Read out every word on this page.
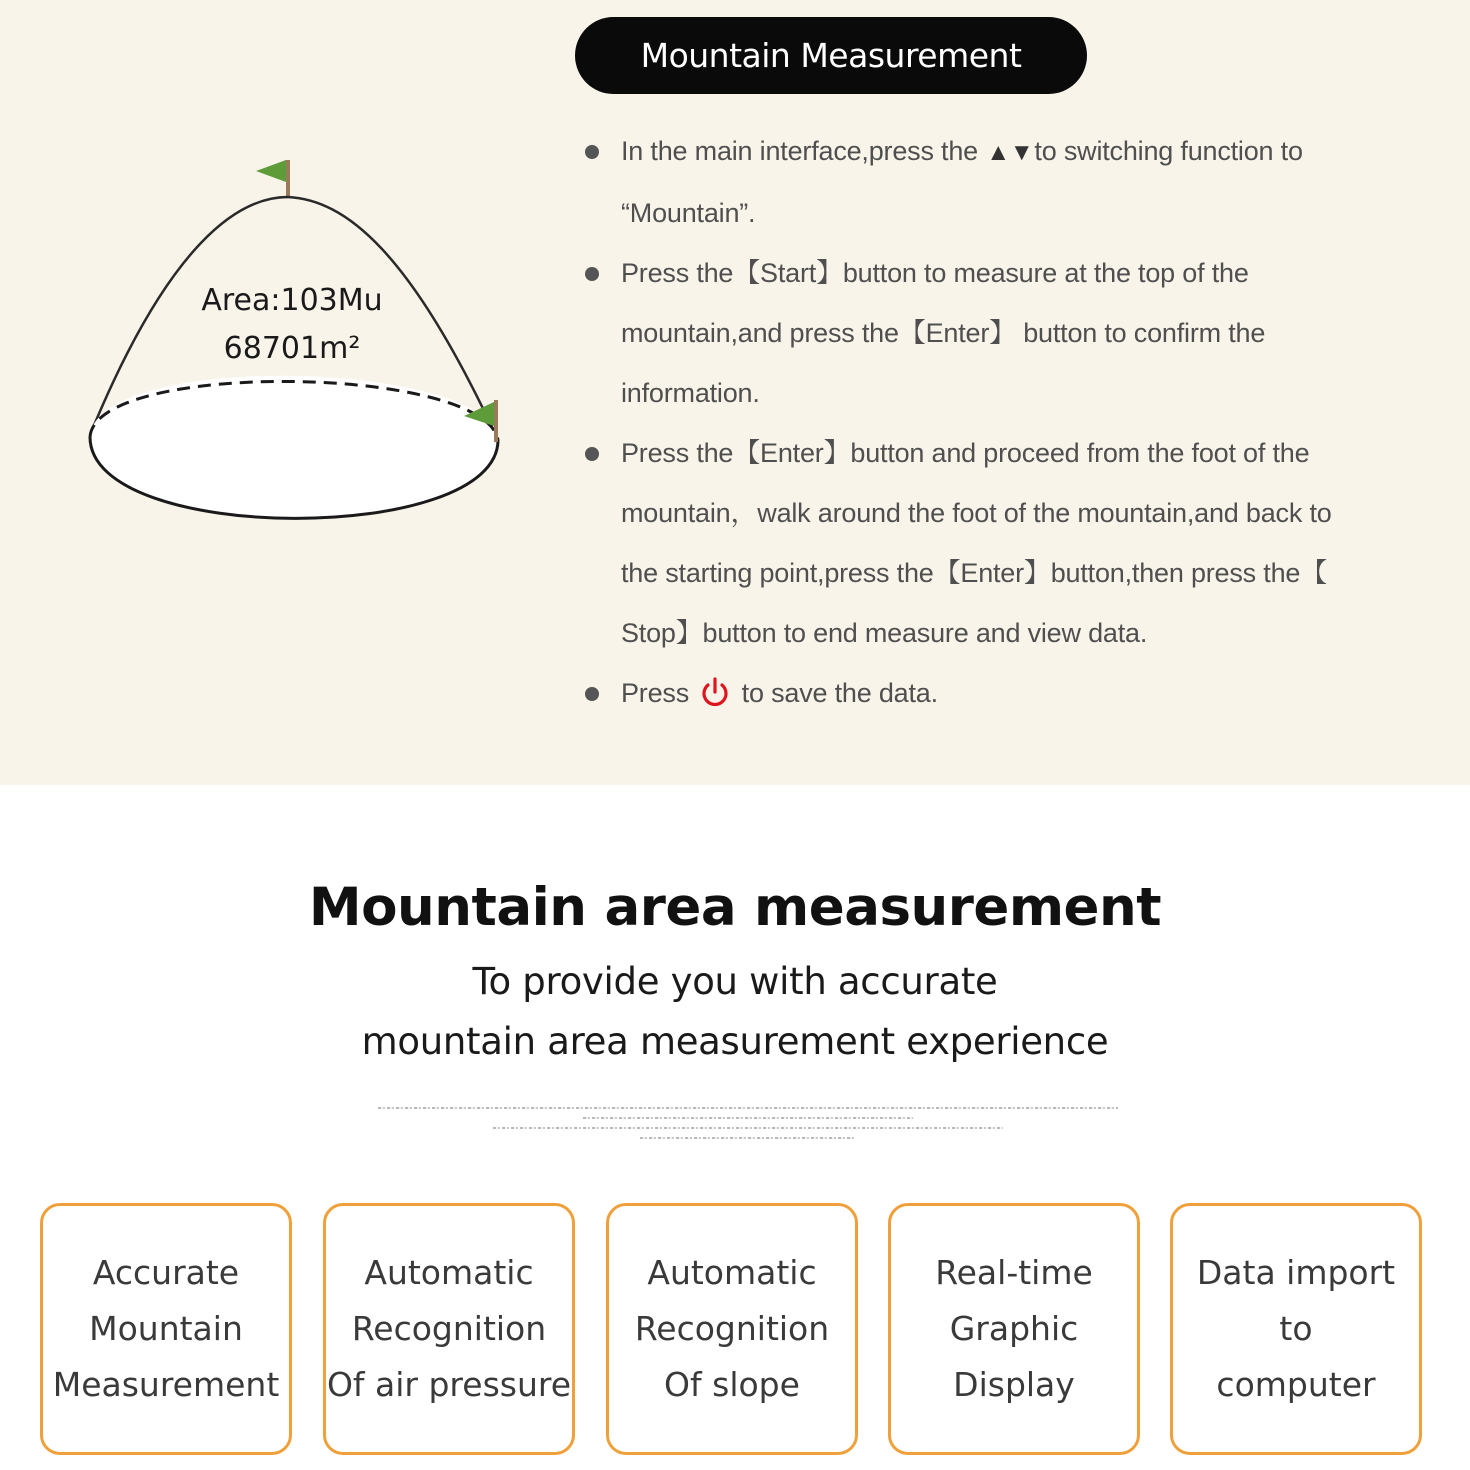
Mountain Measurement
Area:103Mu
68701m²
In the main interface,press the ▲▼to switching function to
“Mountain”.
Press the【Start】button to measure at the top of the
mountain,and press the【Enter】 button to confirm the
information.
Press the【Enter】button and proceed from the foot of the
mountain，walk around the foot of the mountain,and back to
the starting point,press the【Enter】button,then press the【
Stop】button to end measure and view data.
Press to save the data.
Mountain area measurement
To provide you with accurate
mountain area measurement experience
Accurate
Mountain
Measurement
Automatic
Recognition
Of air pressure
Automatic
Recognition
Of slope
Real-time
Graphic
Display
Data import
to
computer
